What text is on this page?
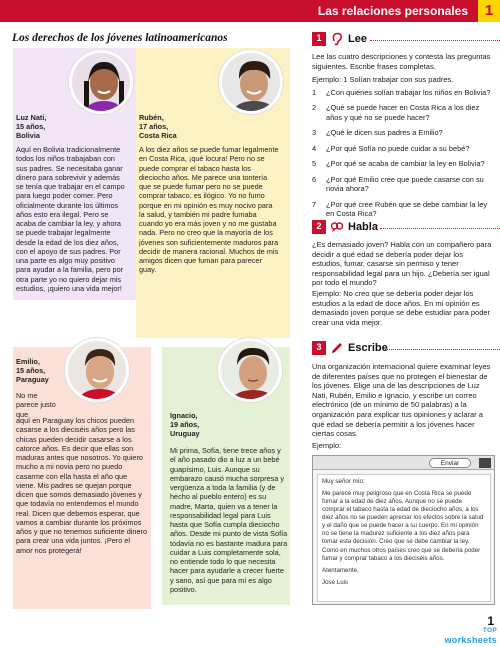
Las relaciones personales	1
Los derechos de los jóvenes latinoamericanos
Luz Nati,
15 años,
Bolivia

Aquí en Bolivia tradicionalmente todos los niños trabajaban con sus padres. Se necesitaba ganar dinero para sobrevivir y además se tenía que trabajar en el campo para luego poder comer. Pero oficialmente durante los últimos años esto era ilegal. Pero se acaba de cambiar la ley, y ahora se puede trabajar legalmente desde la edad de los diez años, con el apoyo de sus padres. Por una parte es algo muy positivo para ayudar a la familia, pero por otra parte yo no quiero dejar mis estudios, ¡quiero una vida mejor!

Rubén,
17 años,
Costa Rica

A los diez años se puede fumar legalmente en Costa Rica, ¡qué locura! Pero no se puede comprar el tabaco hasta los dieciocho años. Me parece una tontería que se puede fumar pero no se puede comprar tabaco, es ilógico. Yo no fumo porque en mi opinión es muy nocivo para la salud, y también mi padre fumaba cuando yo era más joven y no me gustaba nada. Pero no creo que la mayoría de los jóvenes son suficientemente maduros para decidir de manera racional. Muchos de mis amigos dicen que fuman para parecer guay.

Emilio,
15 años,
Paraguay

No me parece justo que

aquí en Paraguay los chicos pueden casarse a los dieciséis años pero las chicas pueden decidir casarse a los catorce años. Es decir que ellas son maduras antes que nosotros. Yo quiero mucho a mi novia pero no puedo casarme con ella hasta el año que viene. Mis padres se quejan porque dicen que somos demasiado jóvenes y que todavía no entendemos el mundo real. Dicen que debemos esperar, que vamos a cambiar durante los próximos años y que no tenemos suficiente dinero para crear una vida juntos. ¡Pero el amor nos protegerá!

Ignacio,
19 años,
Uruguay

Mi prima, Sofía, tiene trece años y el año pasado dio a luz a un bebé guapísimo, Luis. Aunque su embarazo causó mucha sorpresa y vergüenza a toda la familia (y de hecho al pueblo entero) es su madre, Marta, quien va a tener la responsabilidad legal para Luis hasta que Sofía cumpla dieciocho años. Desde mi punto de vista Sofía todavía no es bastante madura para cuidar a Luis completamente sola, no entiende todo lo que necesita hacer para ayudarle a crecer fuerte y sano, así que para mí es algo positivo.

1	Lee

Lee las cuatro descripciones y contesta las preguntas siguientes. Escribe frases completas.

Ejemplo: 1 Solían trabajar con sus padres.

1	¿Con quiénes solían trabajar los niños en Bolivia?
2	¿Qué se puede hacer en Costa Rica a los diez años y qué no se puede hacer?
3	¿Qué le dicen sus padres a Emilio?
4	¿Por qué Sofía no puede cuidar a su bebé?
5	¿Por qué se acaba de cambiar la ley en Bolivia?
6	¿Por qué Emilio cree que puede casarse con su novia ahora?
7	¿Por qué cree Rubén que se debe cambiar la ley en Costa Rica?
2	Habla

¿Es demasiado joven? Habla con un compañero para decidir a qué edad se debería poder dejar los estudios, fumar, casarse sin permiso y tener responsabilidad legal para un hijo. ¿Debería ser igual por todo el mundo?

Ejemplo: No creo que se debería poder dejar los estudios a la edad de doce años. En mi opinión es demasiado joven porque se debe estudiar para poder crear una vida mejor.

3	Escribe

Una organización internacional quiere examinar leyes de diferentes países que no protegen el bienestar de los jóvenes. Elige una de las descripciones de Luz Nati, Rubén, Emilio e Ignacio, y escribe un correo electrónico (de un mínimo de 50 palabras) a la organización para explicar tus opiniones y aclarar a qué edad se debería permitir a los jóvenes hacer ciertas cosas.

Ejemplo:

Enviar

Muy señor mío:

Me parece muy peligroso que en Costa Rica se puede fumar a la edad de diez años. Aunque no se puede comprar el tabaco hasta la edad de dieciocho años, a los diez años no se pueden apreciar los efectos sobre la salud y el daño que se puede hacer a su cuerpo. En mi opinión no se tiene la madurez suficiente a los diez años para tomar esta decisión. Creo que se debe cambiar la ley. Como en muchos otros países creo que se debería poder fumar y comprar tabaco a los dieciséis años.

Atentamente,

José Luis

1
TOP
worksheets
